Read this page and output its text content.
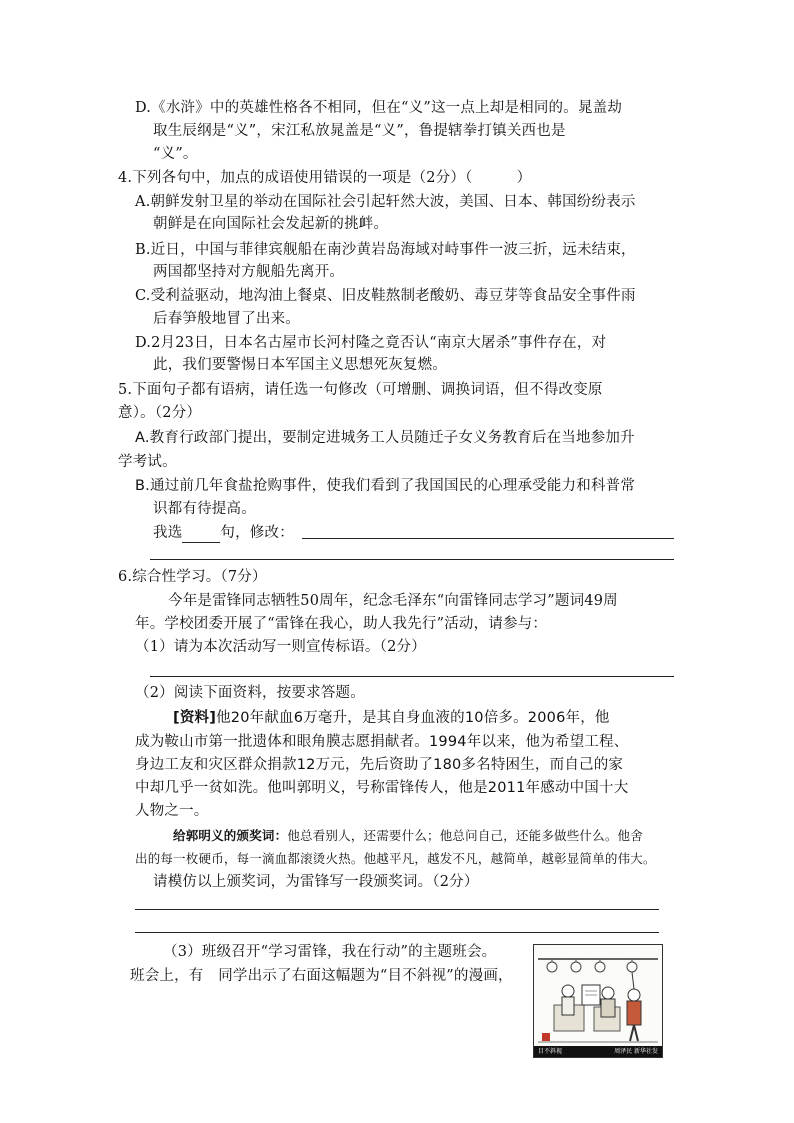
D.《水浒》中的英雄性格各不相同，但在“义”这一点上却是相同的。晁盖劫
取生辰纲是“义”，宋江私放晁盖是“义”，鲁提辖拳打镇关西也是
“义”。
4.下列各句中，加点的成语使用错误的一项是（2分）（　　　）
A.朝鲜发射卫星的举动在国际社会引起轩然大波，美国、日本、韩国纷纷表示
朝鲜是在向国际社会发起新的挑衅。
B.近日，中国与菲律宾舰船在南沙黄岩岛海域对峙事件一波三折，远未结束，
两国都坚持对方舰船先离开。
C.受利益驱动，地沟油上餐桌、旧皮鞋熬制老酸奶、毒豆芽等食品安全事件雨
后春笋般地冒了出来。
D.2月23日，日本名古屋市长河村隆之竟否认“南京大屠杀”事件存在，对
此，我们要警惕日本军国主义思想死灰复燃。
5.下面句子都有语病，请任选一句修改（可增删、调换词语，但不得改变原
意）。（2分）
A.教育行政部门提出，要制定进城务工人员随迁子女义务教育后在当地参加升
学考试。
B.通过前几年食盐抢购事件，使我们看到了我国国民的心理承受能力和科普常
识都有待提高。
我选	句，修改：
6.综合性学习。（7分）
今年是雷锋同志牺牲50周年，纪念毛泽东“向雷锋同志学习”题词49周
年。学校团委开展了“雷锋在我心，助人我先行”活动，请参与：
（1）请为本次活动写一则宣传标语。（2分）
（2）阅读下面资料，按要求答题。
[资料]他20年献血6万毫升，是其自身血液的10倍多。2006年，他
成为鞍山市第一批遗体和眼角膜志愿捐献者。1994年以来，他为希望工程、
身边工友和灾区群众捐款12万元，先后资助了180多名特困生，而自己的家
中却几乎一贫如洗。他叫郭明义，号称雷锋传人，他是2011年感动中国十大
人物之一。
给郭明义的颁奖词：他总看别人，还需要什么；他总问自己，还能多做些什么。他舍
出的每一枚硬币，每一滴血都滚烫火热。他越平凡，越发不凡，越简单，越彰显简单的伟大。
请模仿以上颁奖词，为雷锋写一段颁奖词。（2分）
（3）班级召开“学习雷锋，我在行动”的主题班会。
班会上，有　同学出示了右面这幅题为“目不斜视”的漫画，
目不斜视	周泽民 新华社发
